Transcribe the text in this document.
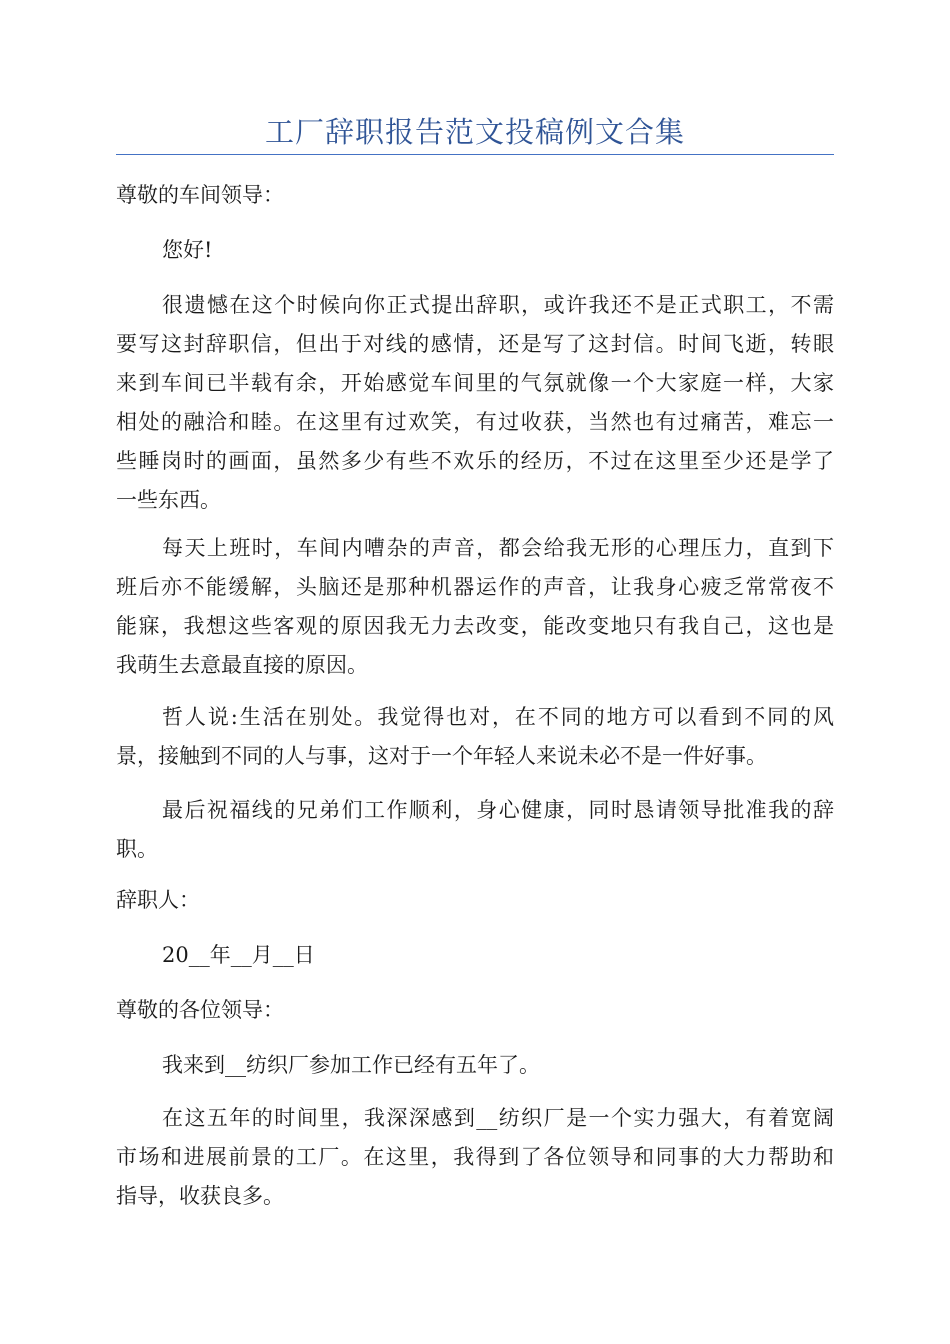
工厂辞职报告范文投稿例文合集

尊敬的车间领导：

您好!

很遗憾在这个时候向你正式提出辞职，或许我还不是正式职工，不需
要写这封辞职信，但出于对线的感情，还是写了这封信。时间飞逝，转眼
来到车间已半载有余，开始感觉车间里的气氛就像一个大家庭一样，大家
相处的融洽和睦。在这里有过欢笑，有过收获，当然也有过痛苦，难忘一
些睡岗时的画面，虽然多少有些不欢乐的经历，不过在这里至少还是学了
一些东西。

每天上班时，车间内嘈杂的声音，都会给我无形的心理压力，直到下
班后亦不能缓解，头脑还是那种机器运作的声音，让我身心疲乏常常夜不
能寐，我想这些客观的原因我无力去改变，能改变地只有我自己，这也是
我萌生去意最直接的原因。

哲人说:生活在别处。我觉得也对，在不同的地方可以看到不同的风
景，接触到不同的人与事，这对于一个年轻人来说未必不是一件好事。

最后祝福线的兄弟们工作顺利，身心健康，同时恳请领导批准我的辞
职。

辞职人：

20__年__月__日

尊敬的各位领导：

我来到__纺织厂参加工作已经有五年了。

在这五年的时间里，我深深感到__纺织厂是一个实力强大，有着宽阔
市场和进展前景的工厂。在这里，我得到了各位领导和同事的大力帮助和
指导，收获良多。
